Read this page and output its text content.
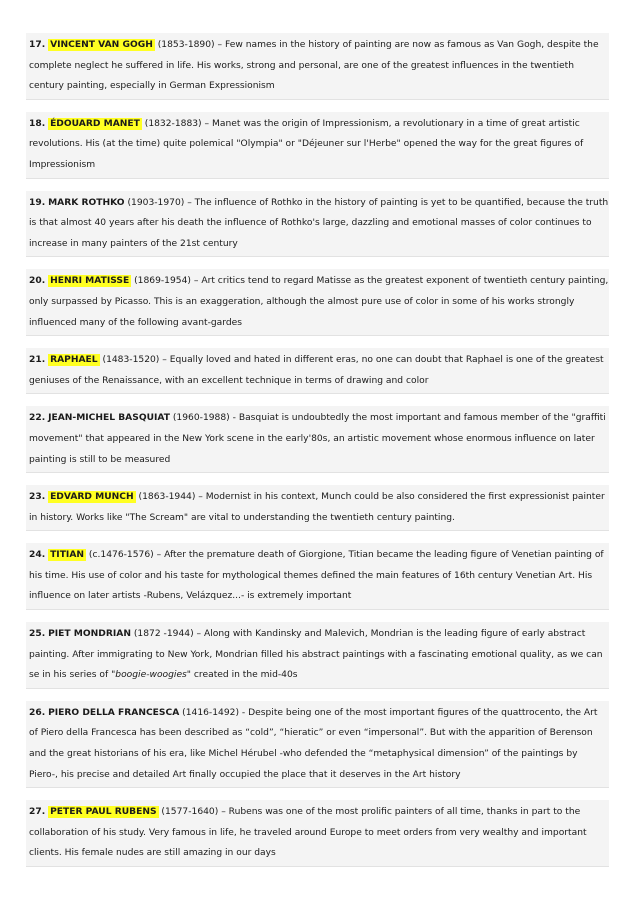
17. VINCENT VAN GOGH (1853-1890) – Few names in the history of painting are now as famous as Van Gogh, despite the complete neglect he suffered in life. His works, strong and personal, are one of the greatest influences in the twentieth century painting, especially in German Expressionism

18. ÉDOUARD MANET (1832-1883) – Manet was the origin of Impressionism, a revolutionary in a time of great artistic revolutions. His (at the time) quite polemical "Olympia" or "Déjeuner sur l'Herbe" opened the way for the great figures of Impressionism

19. MARK ROTHKO (1903-1970) – The influence of Rothko in the history of painting is yet to be quantified, because the truth is that almost 40 years after his death the influence of Rothko's large, dazzling and emotional masses of color continues to increase in many painters of the 21st century

20. HENRI MATISSE (1869-1954) – Art critics tend to regard Matisse as the greatest exponent of twentieth century painting, only surpassed by Picasso. This is an exaggeration, although the almost pure use of color in some of his works strongly influenced many of the following avant-gardes

21. RAPHAEL (1483-1520) – Equally loved and hated in different eras, no one can doubt that Raphael is one of the greatest geniuses of the Renaissance, with an excellent technique in terms of drawing and color

22. JEAN-MICHEL BASQUIAT (1960-1988) - Basquiat is undoubtedly the most important and famous member of the "graffiti movement" that appeared in the New York scene in the early'80s, an artistic movement whose enormous influence on later painting is still to be measured

23. EDVARD MUNCH (1863-1944) – Modernist in his context, Munch could be also considered the first expressionist painter in history. Works like "The Scream" are vital to understanding the twentieth century painting.

24. TITIAN (c.1476-1576) – After the premature death of Giorgione, Titian became the leading figure of Venetian painting of his time. His use of color and his taste for mythological themes defined the main features of 16th century Venetian Art. His influence on later artists -Rubens, Velázquez...- is extremely important

25. PIET MONDRIAN (1872 -1944) – Along with Kandinsky and Malevich, Mondrian is the leading figure of early abstract painting. After immigrating to New York, Mondrian filled his abstract paintings with a fascinating emotional quality, as we can se in his series of "boogie-woogies" created in the mid-40s

26. PIERO DELLA FRANCESCA (1416-1492) - Despite being one of the most important figures of the quattrocento, the Art of Piero della Francesca has been described as “cold”, “hieratic” or even “impersonal”. But with the apparition of Berenson and the great historians of his era, like Michel Hérubel -who defended the “metaphysical dimension” of the paintings by Piero-, his precise and detailed Art finally occupied the place that it deserves in the Art history

27. PETER PAUL RUBENS (1577-1640) – Rubens was one of the most prolific painters of all time, thanks in part to the collaboration of his study. Very famous in life, he traveled around Europe to meet orders from very wealthy and important clients. His female nudes are still amazing in our days
